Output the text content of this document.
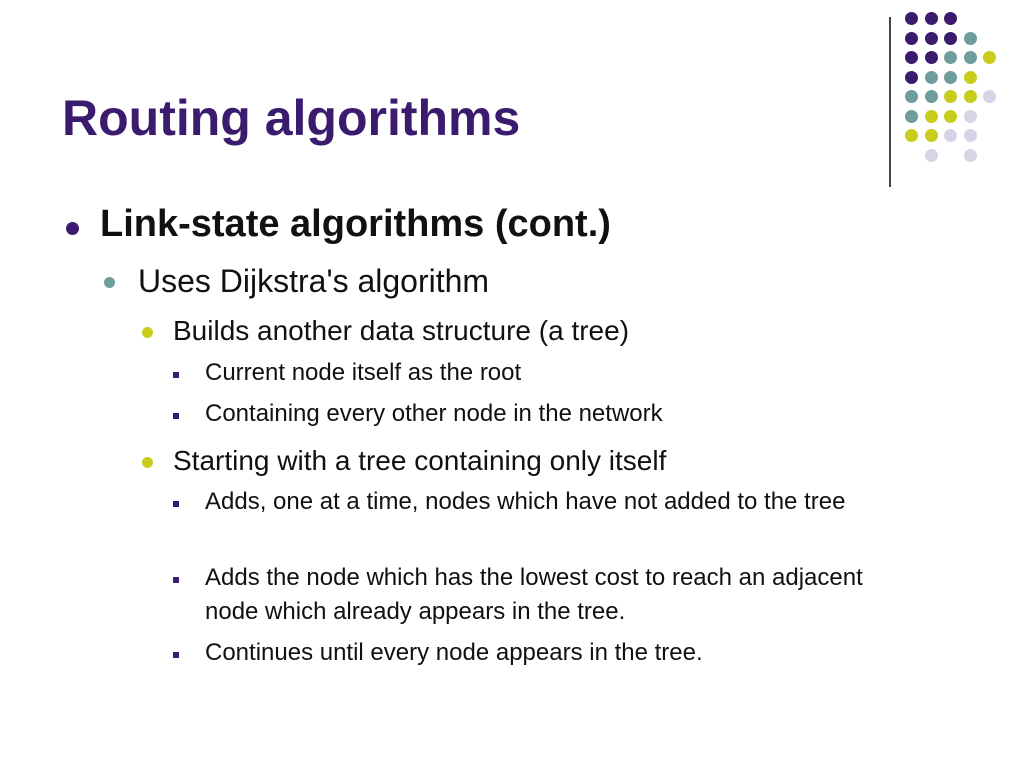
Routing algorithms
Link-state algorithms (cont.)
Uses Dijkstra's algorithm
Builds another data structure (a tree)
Current node itself as the root
Containing every other node in the network
Starting with a tree containing only itself
Adds, one at a time, nodes which have not added to the tree
Adds the node which has the lowest cost to reach an adjacent node which already appears in the tree.
Continues until every node appears in the tree.
